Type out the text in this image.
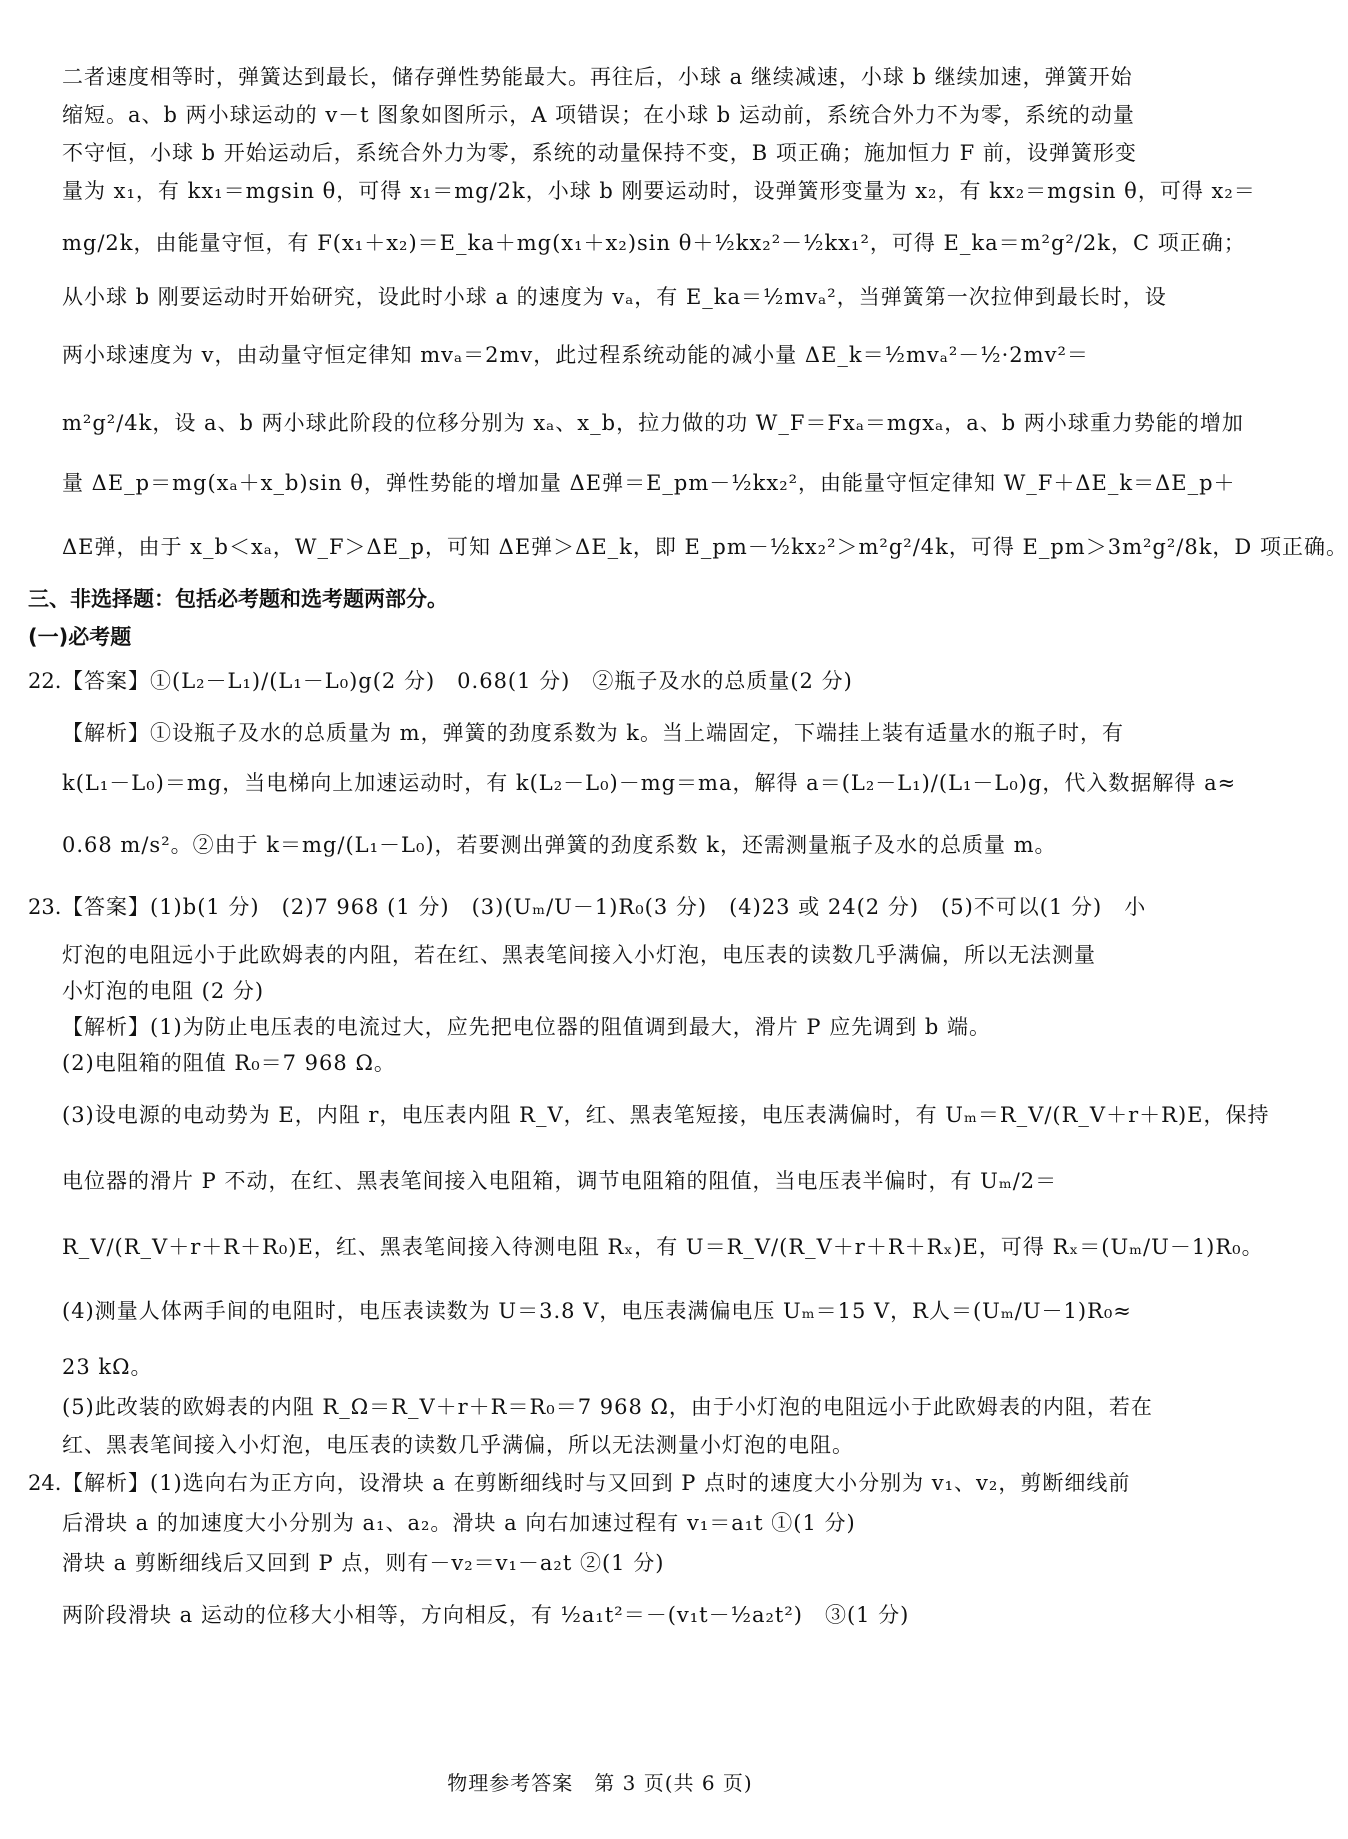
二者速度相等时，弹簧达到最长，储存弹性势能最大。再往后，小球 a 继续减速，小球 b 继续加速，弹簧开始
缩短。a、b 两小球运动的 v－t 图象如图所示，A 项错误；在小球 b 运动前，系统合外力不为零，系统的动量
不守恒，小球 b 开始运动后，系统合外力为零，系统的动量保持不变，B 项正确；施加恒力 F 前，设弹簧形变
量为 x₁，有 kx₁＝mgsin θ，可得 x₁＝mg/2k，小球 b 刚要运动时，设弹簧形变量为 x₂，有 kx₂＝mgsin θ，可得 x₂＝
mg/2k，由能量守恒，有 F(x₁＋x₂)＝E_ka＋mg(x₁＋x₂)sin θ＋½kx₂²－½kx₁²，可得 E_ka＝m²g²/2k，C 项正确；
从小球 b 刚要运动时开始研究，设此时小球 a 的速度为 vₐ，有 E_ka＝½mvₐ²，当弹簧第一次拉伸到最长时，设
两小球速度为 v，由动量守恒定律知 mvₐ＝2mv，此过程系统动能的减小量 ΔE_k＝½mvₐ²－½·2mv²＝
m²g²/4k，设 a、b 两小球此阶段的位移分别为 xₐ、x_b，拉力做的功 W_F＝Fxₐ＝mgxₐ，a、b 两小球重力势能的增加
量 ΔE_p＝mg(xₐ＋x_b)sin θ，弹性势能的增加量 ΔE弹＝E_pm－½kx₂²，由能量守恒定律知 W_F＋ΔE_k＝ΔE_p＋
ΔE弹，由于 x_b＜xₐ，W_F＞ΔE_p，可知 ΔE弹＞ΔE_k，即 E_pm－½kx₂²＞m²g²/4k，可得 E_pm＞3m²g²/8k，D 项正确。
三、非选择题：包括必考题和选考题两部分。
(一)必考题
22. 【答案】①(L₂－L₁)/(L₁－L₀)g(2 分)　0.68(1 分)　②瓶子及水的总质量(2 分)
【解析】①设瓶子及水的总质量为 m，弹簧的劲度系数为 k。当上端固定，下端挂上装有适量水的瓶子时，有
k(L₁－L₀)＝mg，当电梯向上加速运动时，有 k(L₂－L₀)－mg＝ma，解得 a＝(L₂－L₁)/(L₁－L₀)g，代入数据解得 a≈
0.68 m/s²。②由于 k＝mg/(L₁－L₀)，若要测出弹簧的劲度系数 k，还需测量瓶子及水的总质量 m。
23. 【答案】(1)b(1 分)　(2)7 968 (1 分)　(3)(Uₘ/U－1)R₀(3 分)　(4)23 或 24(2 分)　(5)不可以(1 分)　小
灯泡的电阻远小于此欧姆表的内阻，若在红、黑表笔间接入小灯泡，电压表的读数几乎满偏，所以无法测量
小灯泡的电阻 (2 分)
【解析】(1)为防止电压表的电流过大，应先把电位器的阻值调到最大，滑片 P 应先调到 b 端。
(2)电阻箱的阻值 R₀＝7 968 Ω。
(3)设电源的电动势为 E，内阻 r，电压表内阻 R_V，红、黑表笔短接，电压表满偏时，有 Uₘ＝R_V/(R_V＋r＋R)E，保持
电位器的滑片 P 不动，在红、黑表笔间接入电阻箱，调节电阻箱的阻值，当电压表半偏时，有 Uₘ/2＝
R_V/(R_V＋r＋R＋R₀)E，红、黑表笔间接入待测电阻 Rₓ，有 U＝R_V/(R_V＋r＋R＋Rₓ)E，可得 Rₓ＝(Uₘ/U－1)R₀。
(4)测量人体两手间的电阻时，电压表读数为 U＝3.8 V，电压表满偏电压 Uₘ＝15 V，R人＝(Uₘ/U－1)R₀≈
23 kΩ。
(5)此改装的欧姆表的内阻 R_Ω＝R_V＋r＋R＝R₀＝7 968 Ω，由于小灯泡的电阻远小于此欧姆表的内阻，若在
红、黑表笔间接入小灯泡，电压表的读数几乎满偏，所以无法测量小灯泡的电阻。
24. 【解析】(1)选向右为正方向，设滑块 a 在剪断细线时与又回到 P 点时的速度大小分别为 v₁、v₂，剪断细线前
后滑块 a 的加速度大小分别为 a₁、a₂。滑块 a 向右加速过程有 v₁＝a₁t ①(1 分)
滑块 a 剪断细线后又回到 P 点，则有－v₂＝v₁－a₂t ②(1 分)
两阶段滑块 a 运动的位移大小相等，方向相反，有 ½a₁t²＝－(v₁t－½a₂t²)　③(1 分)
物理参考答案　第 3 页(共 6 页)
